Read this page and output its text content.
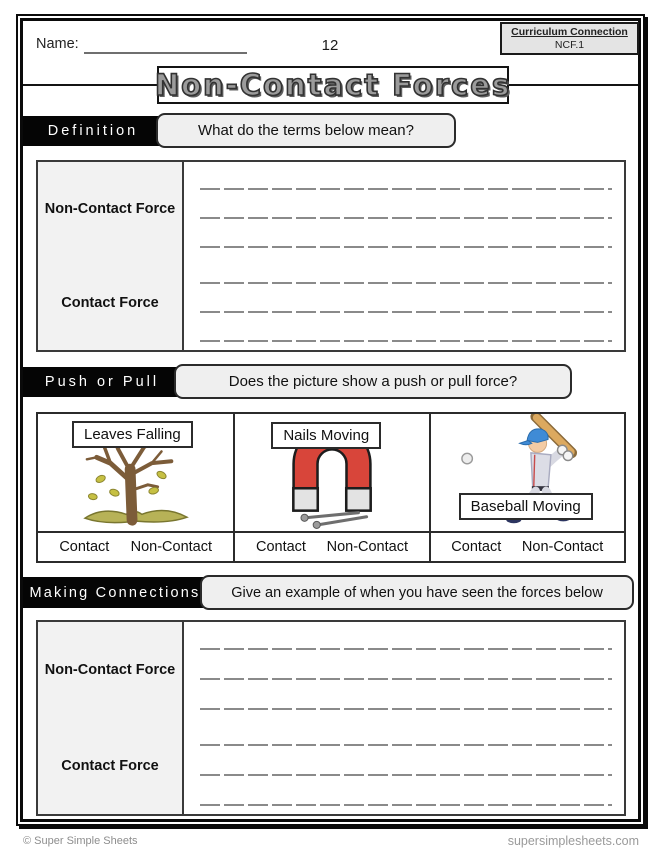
Name:	12
Curriculum Connection
NCF.1
Non-Contact Forces
Definition	What do the terms below mean?
Non-Contact Force
Contact Force
Push or Pull	Does the picture show a push or pull force?
Leaves Falling
Contact Non-Contact
Nails Moving
Contact Non-Contact
Baseball Moving
Contact Non-Contact
Making Connections	Give an example of when you have seen the forces below
Non-Contact Force
Contact Force
© Super Simple Sheets	supersimplesheets.com
